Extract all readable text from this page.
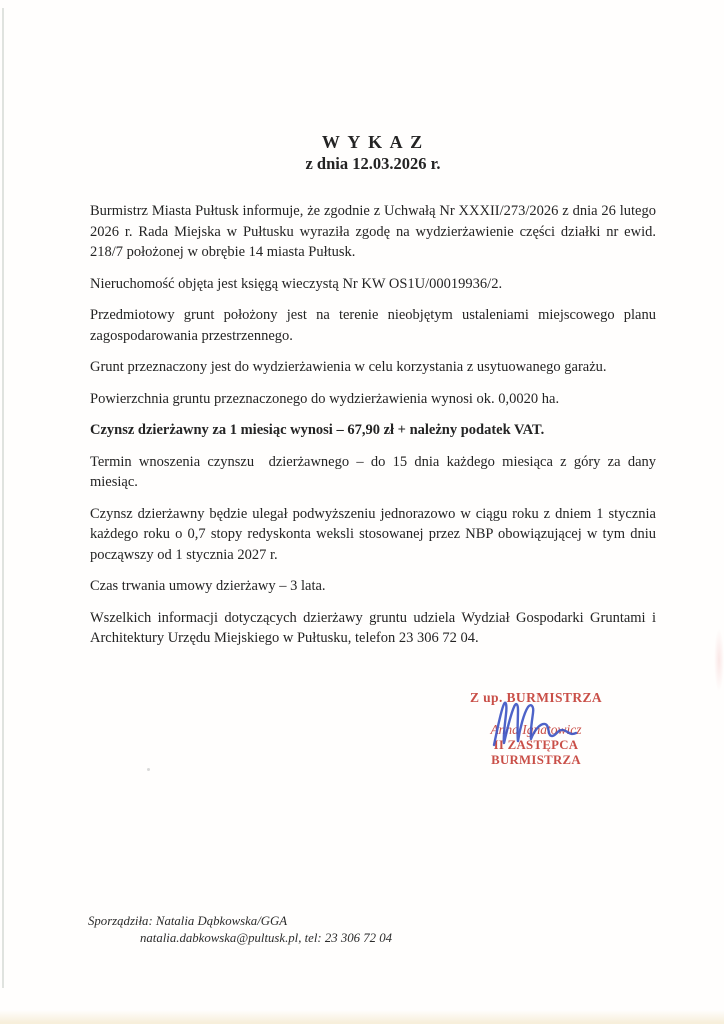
W Y K A Z
z dnia 12.03.2026 r.

Burmistrz Miasta Pułtusk informuje, że zgodnie z Uchwałą Nr XXXII/273/2026 z dnia 26 lutego 2026 r. Rada Miejska w Pułtusku wyraziła zgodę na wydzierżawienie części działki nr ewid. 218/7 położonej w obrębie 14 miasta Pułtusk.

Nieruchomość objęta jest księgą wieczystą Nr KW OS1U/00019936/2.

Przedmiotowy grunt położony jest na terenie nieobjętym ustaleniami miejscowego planu zagospodarowania przestrzennego.

Grunt przeznaczony jest do wydzierżawienia w celu korzystania z usytuowanego garażu.

Powierzchnia gruntu przeznaczonego do wydzierżawienia wynosi ok. 0,0020 ha.

Czynsz dzierżawny za 1 miesiąc wynosi – 67,90 zł + należny podatek VAT.

Termin wnoszenia czynszu  dzierżawnego – do 15 dnia każdego miesiąca z góry za dany miesiąc.

Czynsz dzierżawny będzie ulegał podwyższeniu jednorazowo w ciągu roku z dniem 1 stycznia każdego roku o 0,7 stopy redyskonta weksli stosowanej przez NBP obowiązującej w tym dniu począwszy od 1 stycznia 2027 r.

Czas trwania umowy dzierżawy – 3 lata.

Wszelkich informacji dotyczących dzierżawy gruntu udziela Wydział Gospodarki Gruntami i Architektury Urzędu Miejskiego w Pułtusku, telefon 23 306 72 04.

Z up. BURMISTRZA
Anna Ignatowicz
II ZASTĘPCA BURMISTRZA
Sporządziła: Natalia Dąbkowska/GGA
natalia.dabkowska@pultusk.pl, tel: 23 306 72 04
